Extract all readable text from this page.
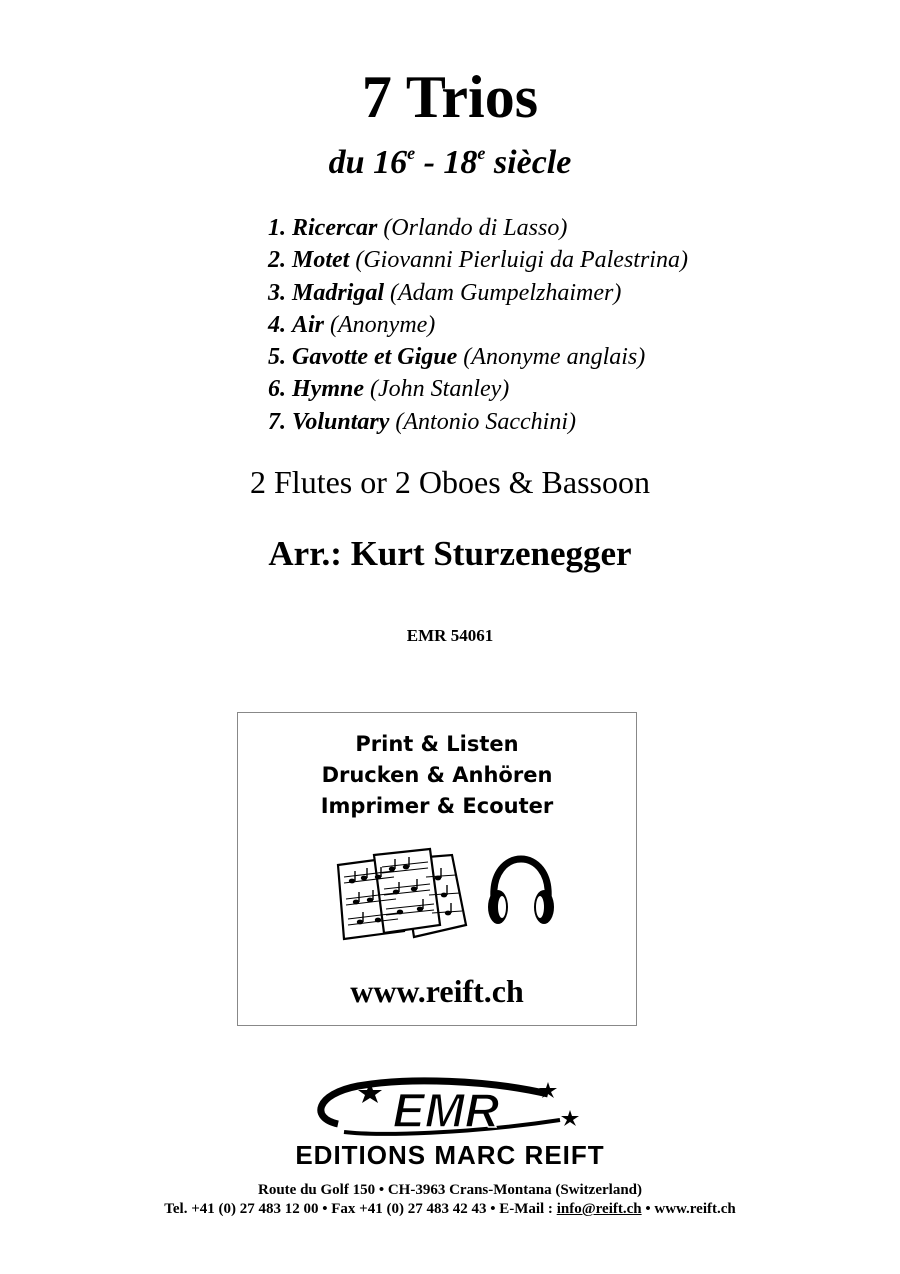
7 Trios
du 16e - 18e siècle
1. Ricercar (Orlando di Lasso)
2. Motet (Giovanni Pierluigi da Palestrina)
3. Madrigal (Adam Gumpelzhaimer)
4. Air (Anonyme)
5. Gavotte et Gigue (Anonyme anglais)
6. Hymne (John Stanley)
7. Voluntary (Antonio Sacchini)
2 Flutes or 2 Oboes & Bassoon
Arr.: Kurt Sturzenegger
EMR 54061
Print & Listen
Drucken & Anhören
Imprimer & Ecouter
www.reift.ch
EMR
EDITIONS MARC REIFT
Route du Golf 150 • CH-3963 Crans-Montana (Switzerland)
Tel. +41 (0) 27 483 12 00 • Fax +41 (0) 27 483 42 43 • E-Mail : info@reift.ch • www.reift.ch
